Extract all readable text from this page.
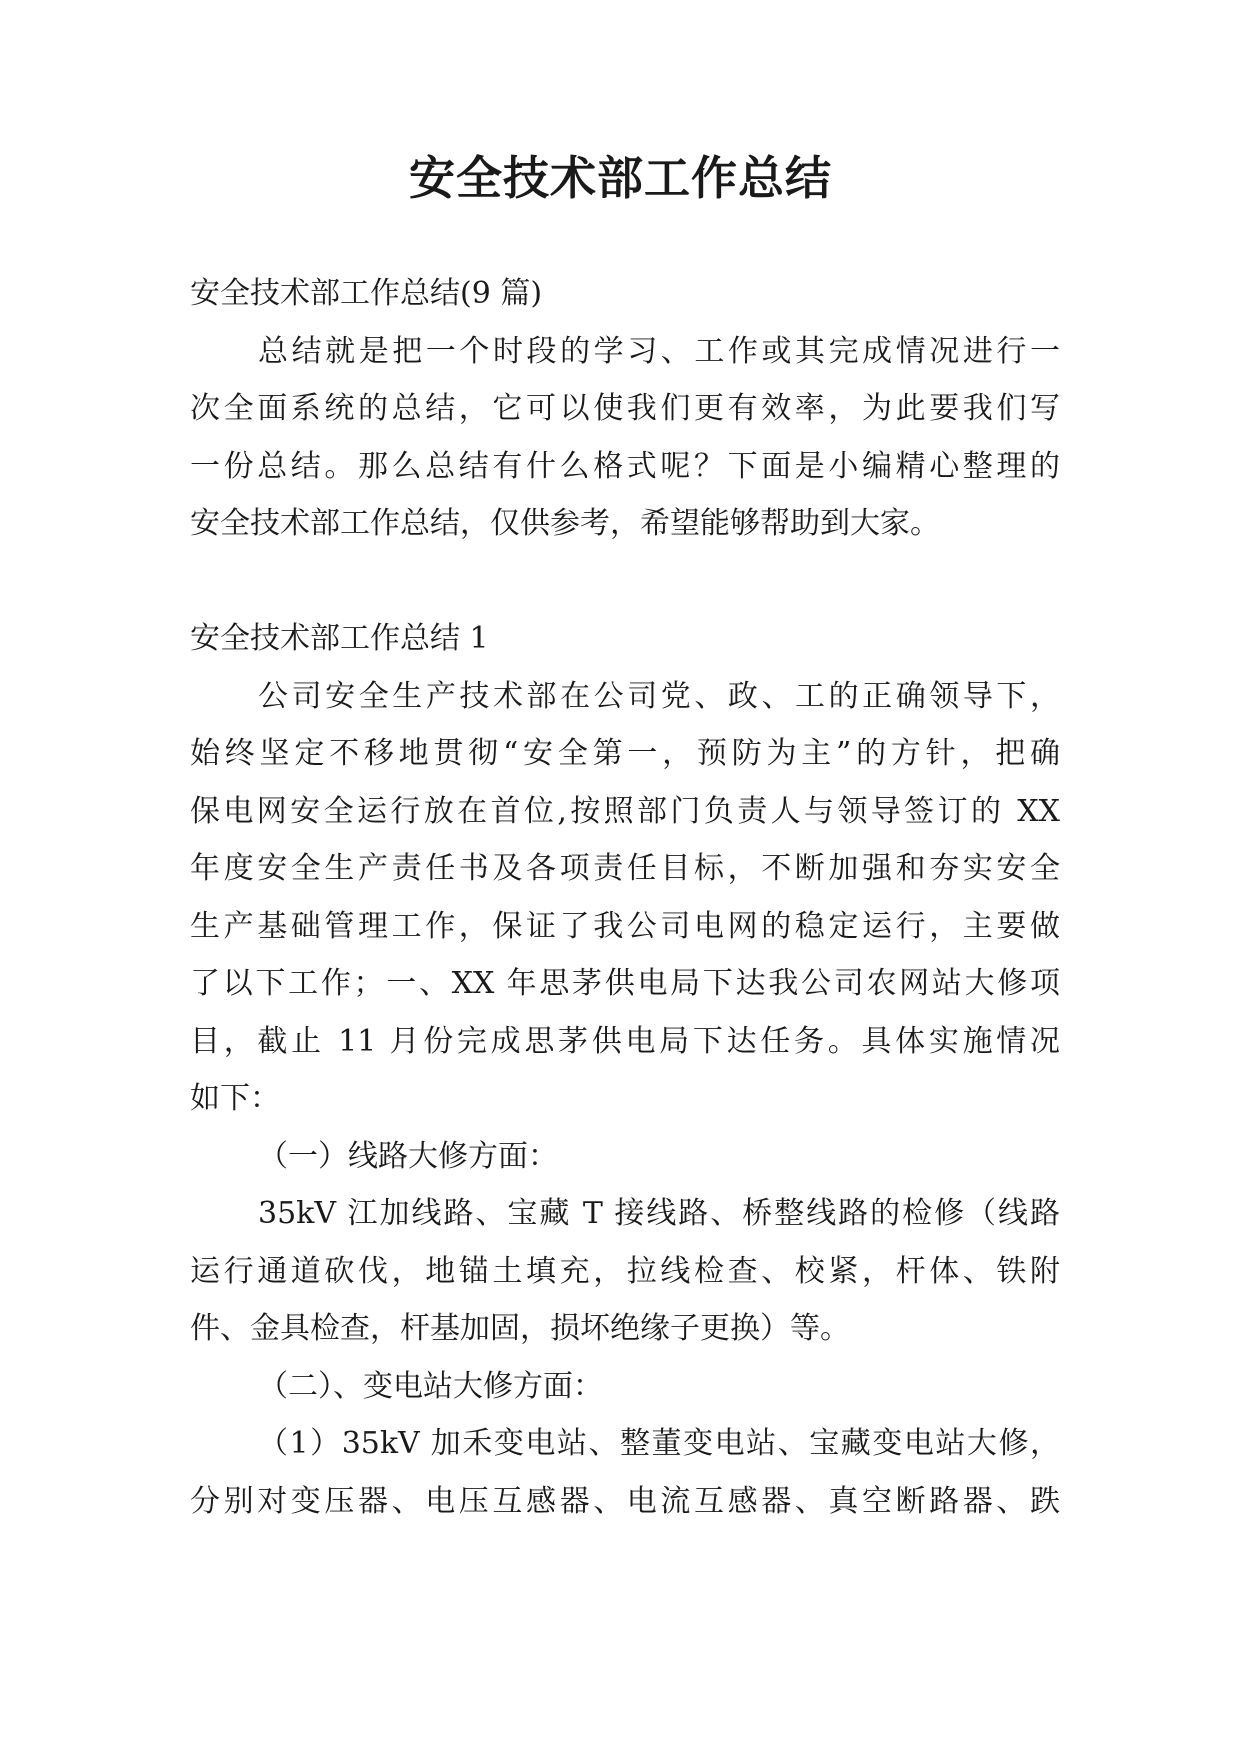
安全技术部工作总结
安全技术部工作总结(9 篇)
总结就是把一个时段的学习、工作或其完成情况进行一
次全面系统的总结，它可以使我们更有效率，为此要我们写
一份总结。那么总结有什么格式呢？下面是小编精心整理的
安全技术部工作总结，仅供参考，希望能够帮助到大家。
安全技术部工作总结 1
公司安全生产技术部在公司党、政、工的正确领导下，
始终坚定不移地贯彻“安全第一，预防为主”的方针，把确
保电网安全运行放在首位,按照部门负责人与领导签订的 XX
年度安全生产责任书及各项责任目标，不断加强和夯实安全
生产基础管理工作，保证了我公司电网的稳定运行，主要做
了以下工作；一、XX 年思茅供电局下达我公司农网站大修项
目，截止 11 月份完成思茅供电局下达任务。具体实施情况
如下：
（一）线路大修方面：
35kV 江加线路、宝藏 T 接线路、桥整线路的检修（线路
运行通道砍伐，地锚土填充，拉线检查、校紧，杆体、铁附
件、金具检查，杆基加固，损坏绝缘子更换）等。
（二）、变电站大修方面：
（1）35kV 加禾变电站、整董变电站、宝藏变电站大修，
分别对变压器、电压互感器、电流互感器、真空断路器、跌
